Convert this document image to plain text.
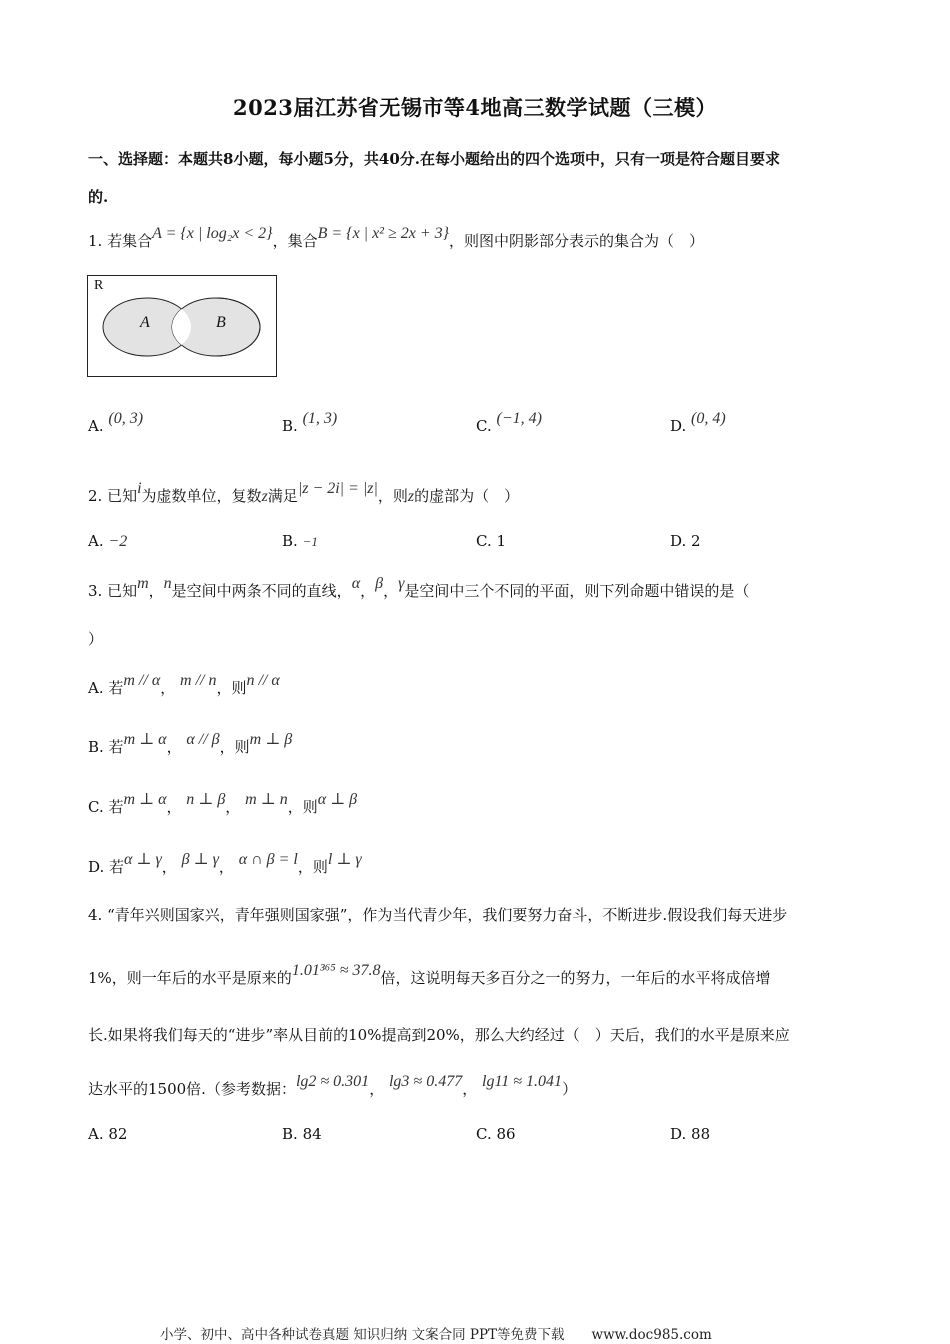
2023届江苏省无锡市等4地高三数学试题（三模）
一、选择题：本题共8小题，每小题5分，共40分.在每小题给出的四个选项中，只有一项是符合题目要求
的.
1. 若集合A = {x | log₂x < 2}，集合B = {x | x² ≥ 2x + 3}，则图中阴影部分表示的集合为（　）
R
A	B
A. (0, 3)	B. (1, 3)	C. (−1, 4)	D. (0, 4)
2. 已知i为虚数单位，复数z满足|z − 2i| = |z|，则z的虚部为（　）
A. −2	B. −1	C. 1	D. 2
3. 已知m，n是空间中两条不同的直线，α，β，γ是空间中三个不同的平面，则下列命题中错误的是（
）
A. 若m // α， m // n，则n // α
B. 若m ⊥ α， α // β，则m ⊥ β
C. 若m ⊥ α， n ⊥ β， m ⊥ n，则α ⊥ β
D. 若α ⊥ γ， β ⊥ γ， α ∩ β = l，则l ⊥ γ
4. “青年兴则国家兴，青年强则国家强”，作为当代青少年，我们要努力奋斗，不断进步.假设我们每天进步
1%，则一年后的水平是原来的1.01³⁶⁵ ≈ 37.8倍，这说明每天多百分之一的努力，一年后的水平将成倍增
长.如果将我们每天的“进步”率从目前的10%提高到20%，那么大约经过（　）天后，我们的水平是原来应
达水平的1500倍.（参考数据：lg2 ≈ 0.301， lg3 ≈ 0.477， lg11 ≈ 1.041）
A. 82	B. 84	C. 86	D. 88
小学、初中、高中各种试卷真题 知识归纳 文案合同 PPT等免费下载　　www.doc985.com
